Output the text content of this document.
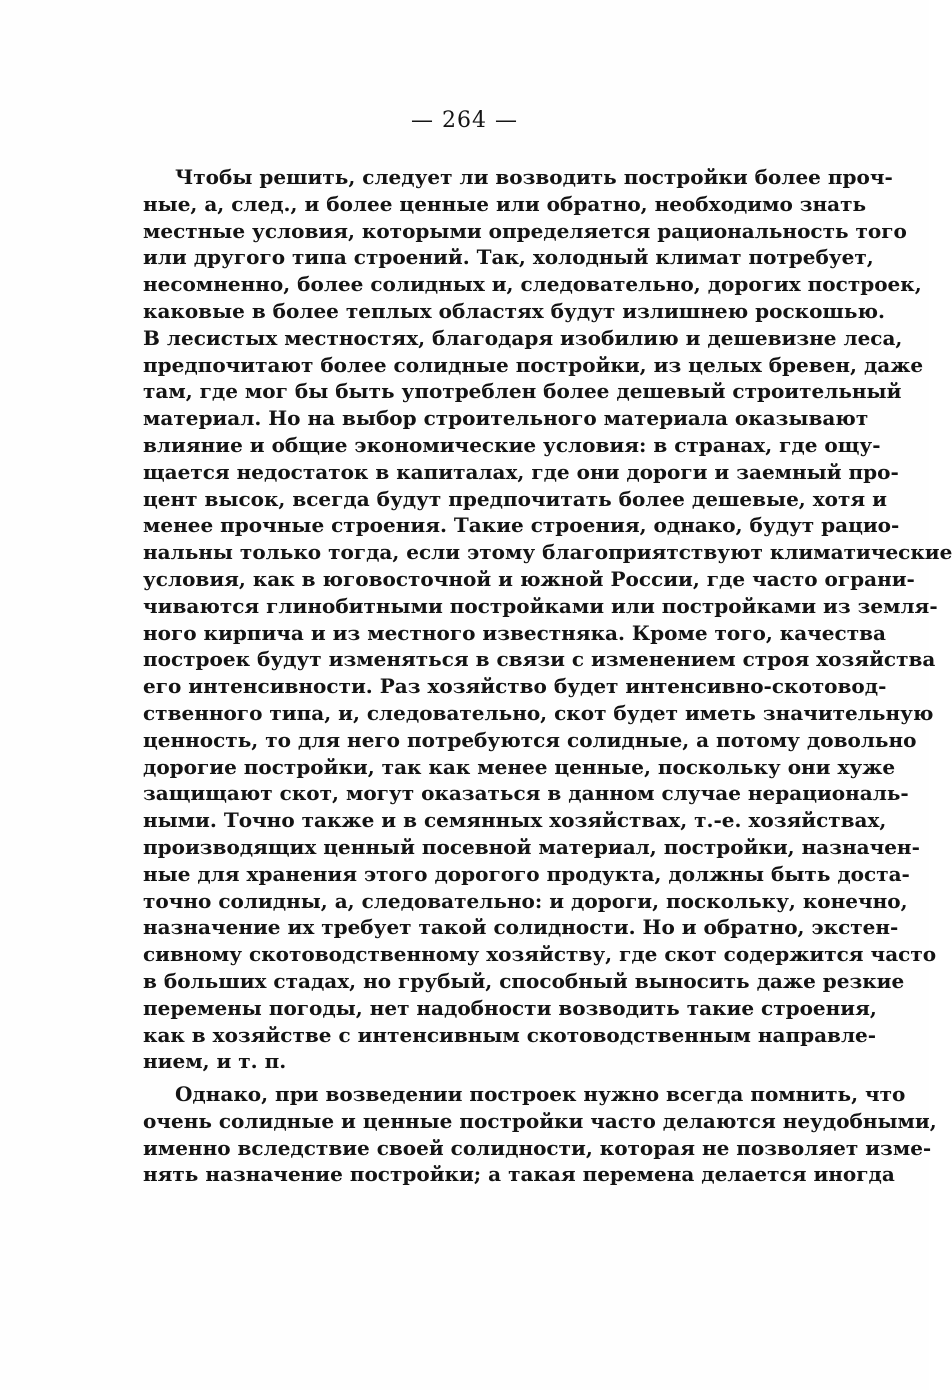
— 264 —
Чтобы решить, следует ли возводить постройки более проч-
ные, а, след., и более ценные или обратно, необходимо знать
местные условия, которыми определяется рациональность того
или другого типа строений. Так, холодный климат потребует,
несомненно, более солидных и, следовательно, дорогих построек,
каковые в более теплых областях будут излишнею роскошью.
В лесистых местностях, благодаря изобилию и дешевизне леса,
предпочитают более солидные постройки, из целых бревен, даже
там, где мог бы быть употреблен более дешевый строительный
материал. Но на выбор строительного материала оказывают
влияние и общие экономические условия: в странах, где ощу-
щается недостаток в капиталах, где они дороги и заемный про-
цент высок, всегда будут предпочитать более дешевые, хотя и
менее прочные строения. Такие строения, однако, будут рацио-
нальны только тогда, если этому благоприятствуют климатические
условия, как в юговосточной и южной России, где часто ограни-
чиваются глинобитными постройками или постройками из земля-
ного кирпича и из местного известняка. Кроме того, качества
построек будут изменяться в связи с изменением строя хозяйства
его интенсивности. Раз хозяйство будет интенсивно-скотовод-
ственного типа, и, следовательно, скот будет иметь значительную
ценность, то для него потребуются солидные, а потому довольно
дорогие постройки, так как менее ценные, поскольку они хуже
защищают скот, могут оказаться в данном случае нерациональ-
ными. Точно также и в семянных хозяйствах, т.-е. хозяйствах,
производящих ценный посевной материал, постройки, назначен-
ные для хранения этого дорогого продукта, должны быть доста-
точно солидны, а, следовательно: и дороги, поскольку, конечно,
назначение их требует такой солидности. Но и обратно, экстен-
сивному скотоводственному хозяйству, где скот содержится часто
в больших стадах, но грубый, способный выносить даже резкие
перемены погоды, нет надобности возводить такие строения,
как в хозяйстве с интенсивным скотоводственным направле-
нием, и т. п.
Однако, при возведении построек нужно всегда помнить, что
очень солидные и ценные постройки часто делаются неудобными,
именно вследствие своей солидности, которая не позволяет изме-
нять назначение постройки; а такая перемена делается иногда
